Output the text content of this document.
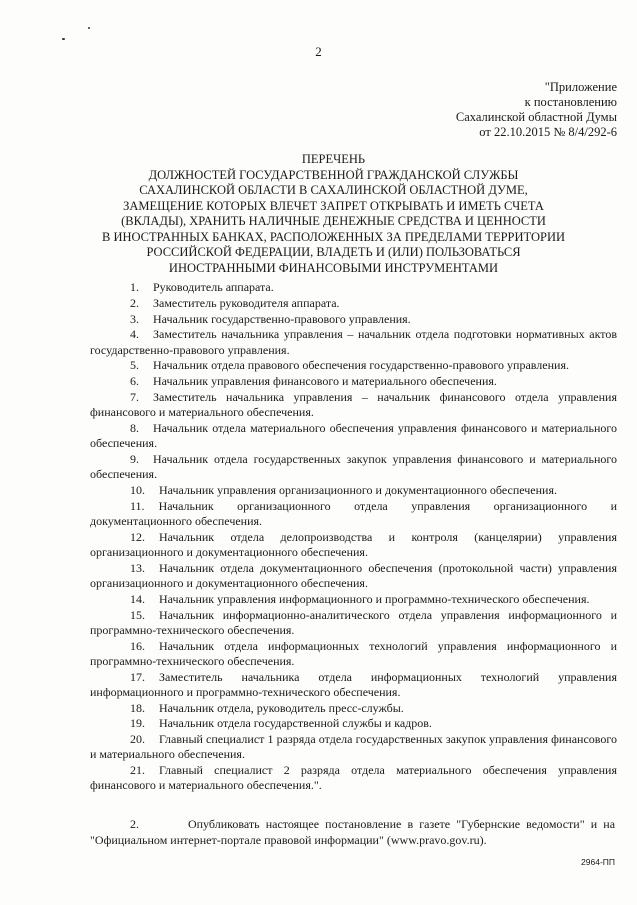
2
"Приложение
к постановлению
Сахалинской областной Думы
от 22.10.2015 № 8/4/292-6
ПЕРЕЧЕНЬ
ДОЛЖНОСТЕЙ ГОСУДАРСТВЕННОЙ ГРАЖДАНСКОЙ СЛУЖБЫ
САХАЛИНСКОЙ ОБЛАСТИ В САХАЛИНСКОЙ ОБЛАСТНОЙ ДУМЕ,
ЗАМЕЩЕНИЕ КОТОРЫХ ВЛЕЧЕТ ЗАПРЕТ ОТКРЫВАТЬ И ИМЕТЬ СЧЕТА
(ВКЛАДЫ), ХРАНИТЬ НАЛИЧНЫЕ ДЕНЕЖНЫЕ СРЕДСТВА И ЦЕННОСТИ
В ИНОСТРАННЫХ БАНКАХ, РАСПОЛОЖЕННЫХ ЗА ПРЕДЕЛАМИ ТЕРРИТОРИИ
РОССИЙСКОЙ ФЕДЕРАЦИИ, ВЛАДЕТЬ И (ИЛИ) ПОЛЬЗОВАТЬСЯ
ИНОСТРАННЫМИ ФИНАНСОВЫМИ ИНСТРУМЕНТАМИ
1. Руководитель аппарата.
2. Заместитель руководителя аппарата.
3. Начальник государственно-правового управления.
4. Заместитель начальника управления – начальник отдела подготовки нормативных актов государственно-правового управления.
5. Начальник отдела правового обеспечения государственно-правового управления.
6. Начальник управления финансового и материального обеспечения.
7. Заместитель начальника управления – начальник финансового отдела управления финансового и материального обеспечения.
8. Начальник отдела материального обеспечения управления финансового и материального обеспечения.
9. Начальник отдела государственных закупок управления финансового и материального обеспечения.
10. Начальник управления организационного и документационного обеспечения.
11. Начальник организационного отдела управления организационного и документационного обеспечения.
12. Начальник отдела делопроизводства и контроля (канцелярии) управления организационного и документационного обеспечения.
13. Начальник отдела документационного обеспечения (протокольной части) управления организационного и документационного обеспечения.
14. Начальник управления информационного и программно-технического обеспечения.
15. Начальник информационно-аналитического отдела управления информационного и программно-технического обеспечения.
16. Начальник отдела информационных технологий управления информационного и программно-технического обеспечения.
17. Заместитель начальника отдела информационных технологий управления информационного и программно-технического обеспечения.
18. Начальник отдела, руководитель пресс-службы.
19. Начальник отдела государственной службы и кадров.
20. Главный специалист 1 разряда отдела государственных закупок управления финансового и материального обеспечения.
21. Главный специалист 2 разряда отдела материального обеспечения управления финансового и материального обеспечения.".
2.	Опубликовать настоящее постановление в газете "Губернские ведомости" и на "Официальном интернет-портале правовой информации" (www.pravo.gov.ru).
2964-ПП
